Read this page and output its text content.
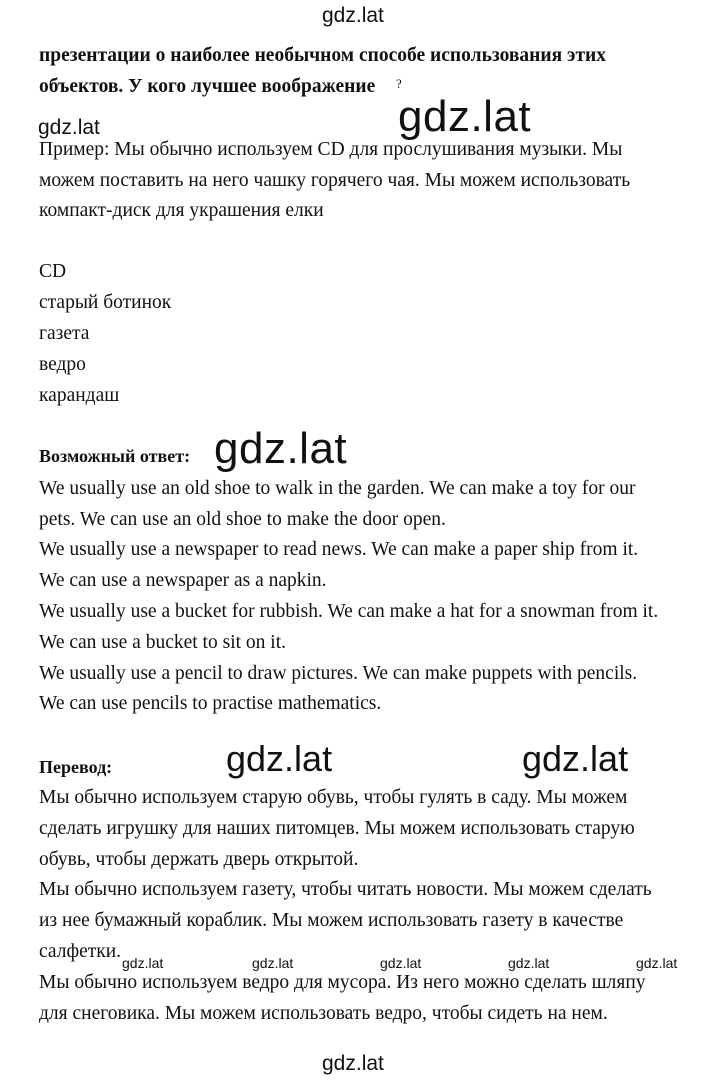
gdz.lat
gdz.lat	gdz.lat
gdz.lat
gdz.lat	gdz.lat
gdz.lat	gdz.lat	gdz.lat	gdz.lat	gdz.lat
gdz.lat
презентации о наиболее необычном способе использования этих
объектов. У кого лучшее воображение ?
Пример: Мы обычно используем CD для прослушивания музыки. Мы
можем поставить на него чашку горячего чая. Мы можем использовать
компакт-диск для украшения елки
CD
старый ботинок
газета
ведро
карандаш
Возможный ответ:
We usually use an old shoe to walk in the garden. We can make a toy for our
pets. We can use an old shoe to make the door open.
We usually use a newspaper to read news. We can make a paper ship from it.
We can use a newspaper as a napkin.
We usually use a bucket for rubbish. We can make a hat for a snowman from it.
We can use a bucket to sit on it.
We usually use a pencil to draw pictures. We can make puppets with pencils.
We can use pencils to practise mathematics.
Перевод:
Мы обычно используем старую обувь, чтобы гулять в саду. Мы можем
сделать игрушку для наших питомцев. Мы можем использовать старую
обувь, чтобы держать дверь открытой.
Мы обычно используем газету, чтобы читать новости. Мы можем сделать
из нее бумажный кораблик. Мы можем использовать газету в качестве
салфетки.
Мы обычно используем ведро для мусора. Из него можно сделать шляпу
для снеговика. Мы можем использовать ведро, чтобы сидеть на нем.
